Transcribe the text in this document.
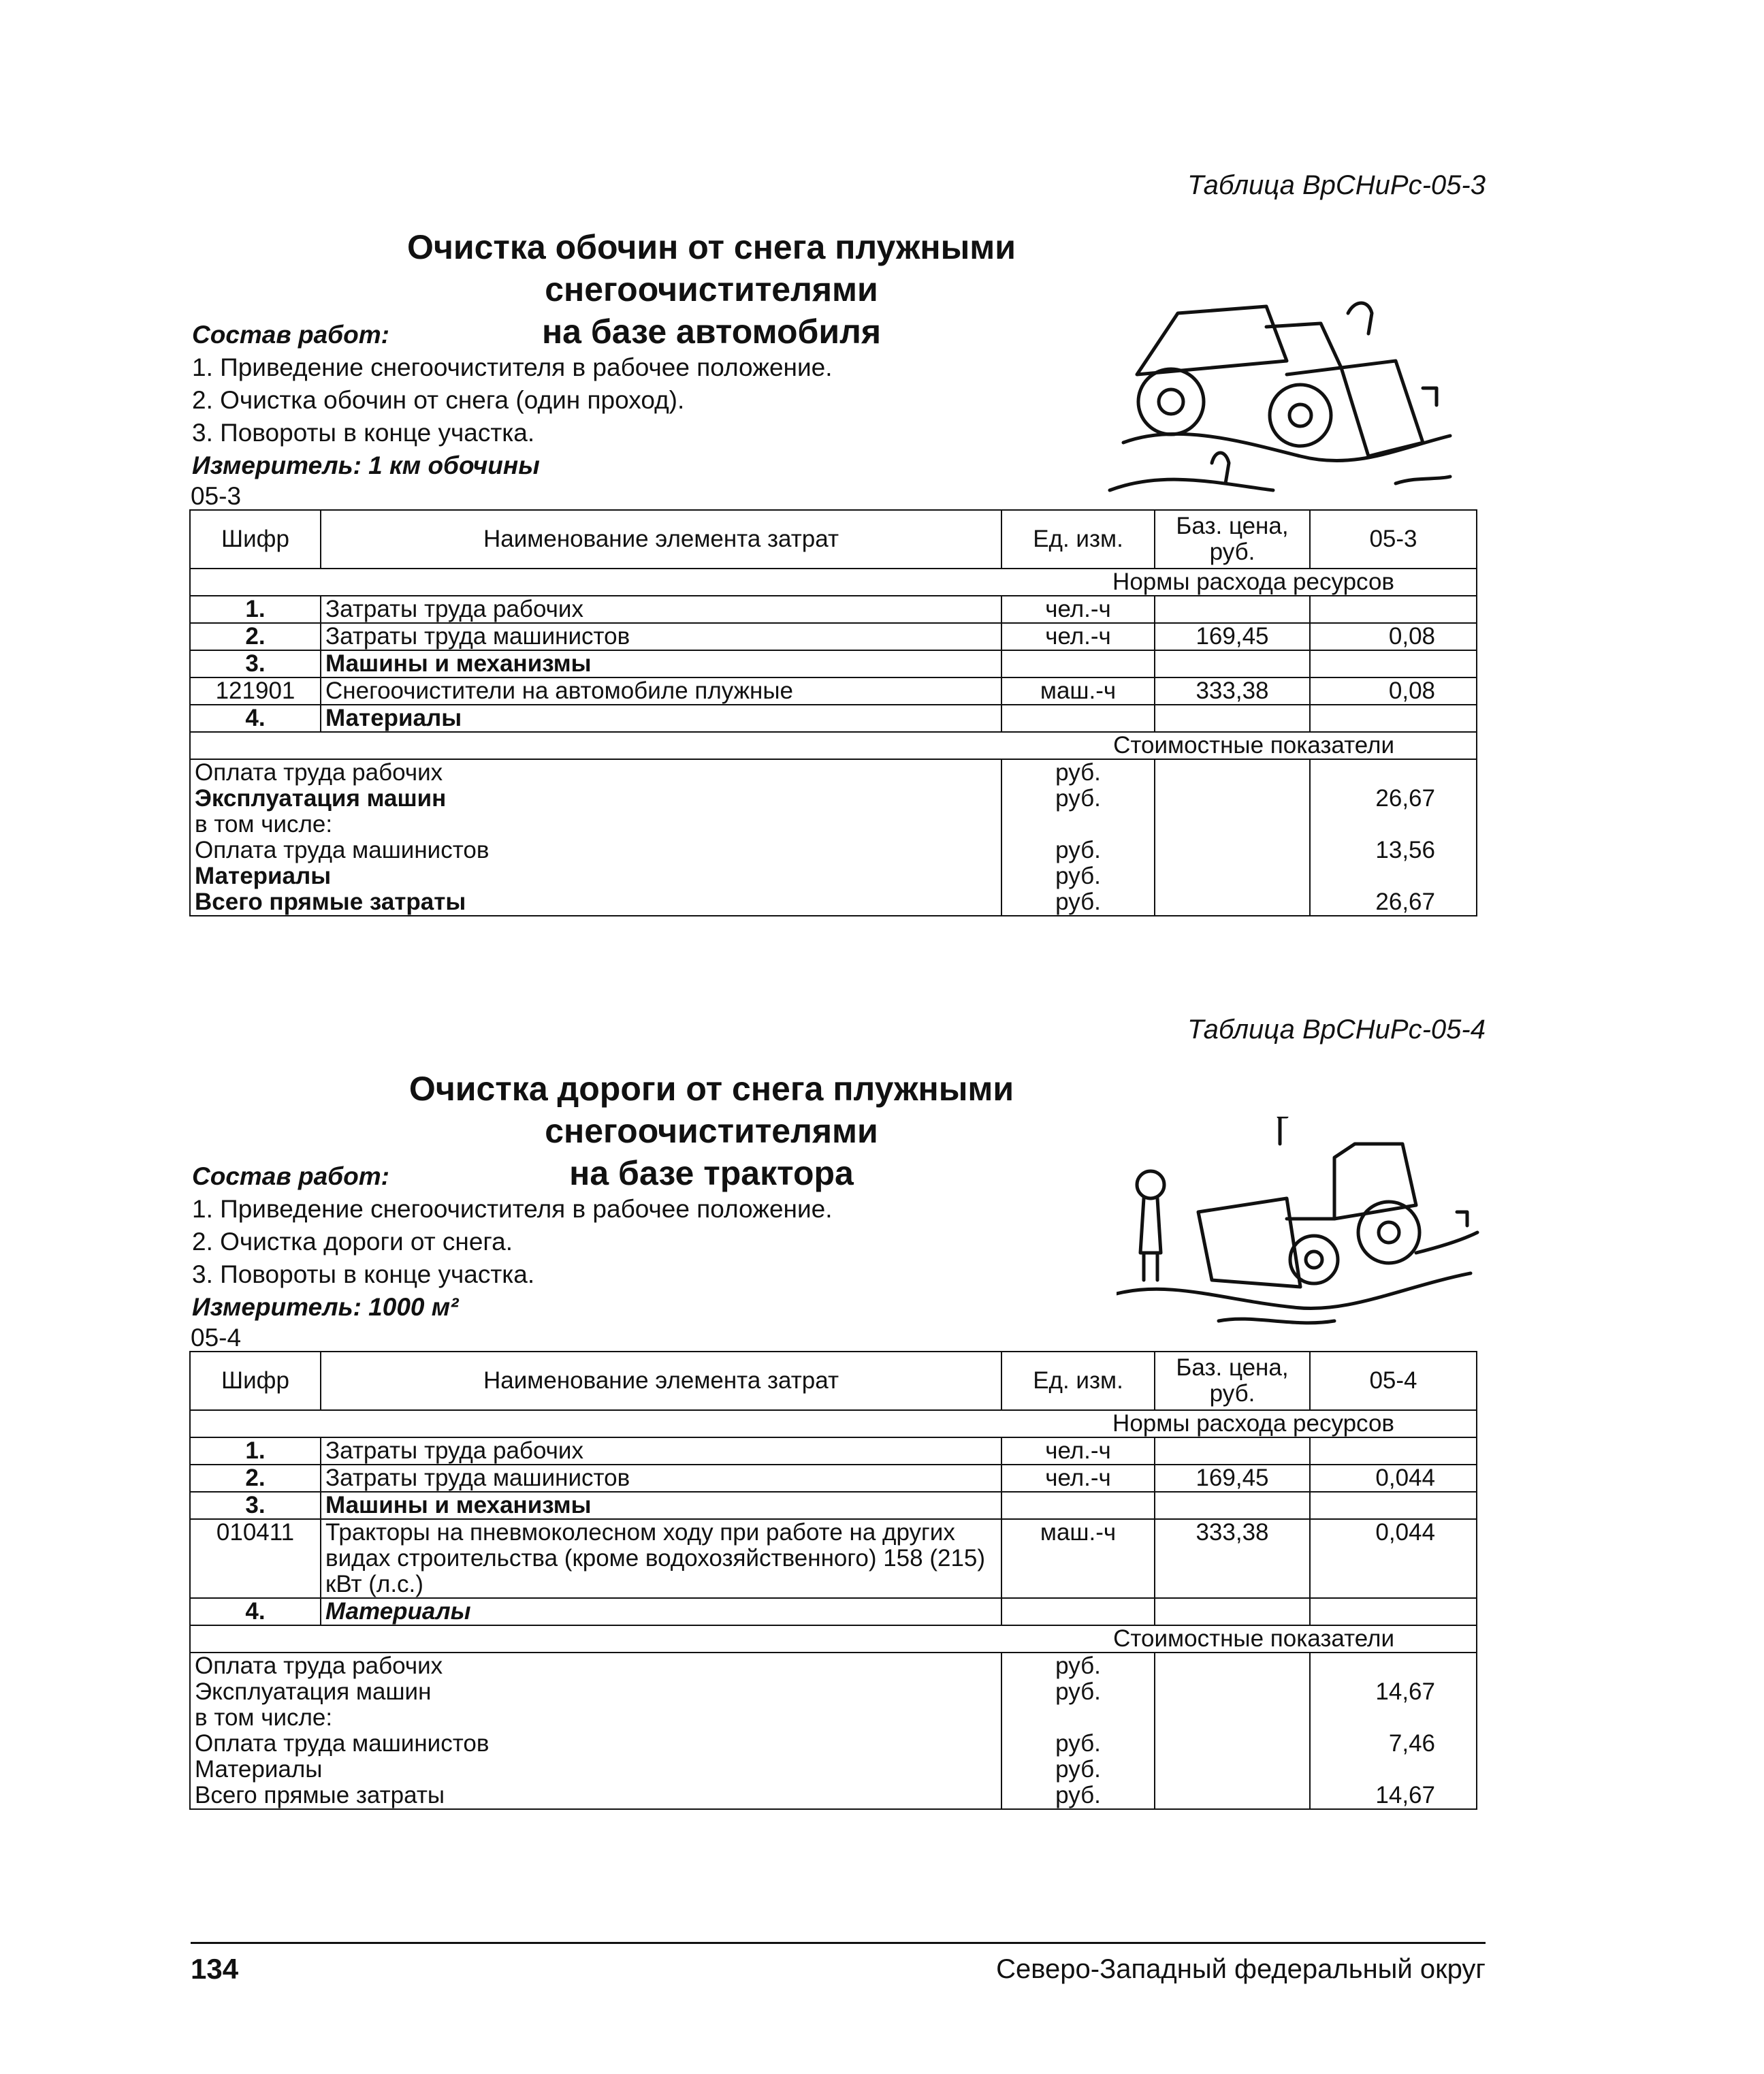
Таблица ВрСНиРс-05-3
Очистка обочин от снега плужными снегоочистителями
на базе автомобиля
Состав работ:
1. Приведение снегоочистителя в рабочее положение.
2. Очистка обочин от снега (один проход).
3. Повороты в конце участка.
Измеритель: 1 км обочины
05-3
Шифр	Наименование элемента затрат	Ед. изм.	Баз. цена, руб.	05-3
Нормы расхода ресурсов				
1.	Затраты труда рабочих	чел.-ч		
2.	Затраты труда машинистов	чел.-ч	169,45	0,08
3.	Машины и механизмы			
121901	Снегоочистители на автомобиле плужные	маш.-ч	333,38	0,08
4.	Материалы			
Стоимостные показатели				
Оплата труда рабочих		руб.		
Эксплуатация машин		руб.		26,67
в том числе:				
Оплата труда машинистов		руб.		13,56
Материалы		руб.		
Всего прямые затраты		руб.		26,67
Таблица ВрСНиРс-05-4
Очистка дороги от снега плужными снегоочистителями
на базе трактора
Состав работ:
1. Приведение снегоочистителя в рабочее положение.
2. Очистка дороги от снега.
3. Повороты в конце участка.
Измеритель: 1000 м²
05-4
Шифр	Наименование элемента затрат	Ед. изм.	Баз. цена, руб.	05-4
Нормы расхода ресурсов				
1.	Затраты труда рабочих	чел.-ч		
2.	Затраты труда машинистов	чел.-ч	169,45	0,044
3.	Машины и механизмы			
010411	Тракторы на пневмоколесном ходу при работе на других видах строительства (кроме водохозяйственного) 158 (215) кВт (л.с.)	маш.-ч	333,38	0,044
4.	Материалы			
Стоимостные показатели				
Оплата труда рабочих		руб.		
Эксплуатация машин		руб.		14,67
в том числе:				
Оплата труда машинистов		руб.		7,46
Материалы		руб.		
Всего прямые затраты		руб.		14,67
134	Северо-Западный федеральный округ
